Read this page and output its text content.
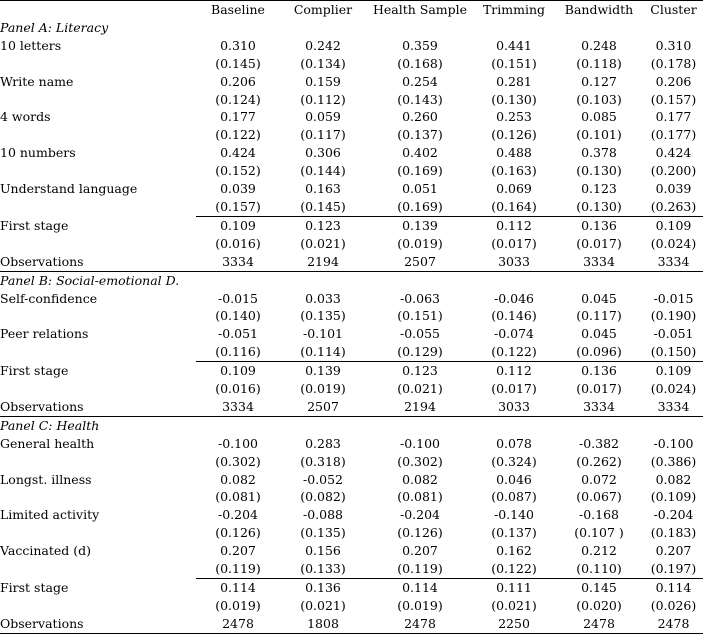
	Baseline	Complier	Health Sample	Trimming	Bandwidth	Cluster
Panel A: Literacy						
10 letters	0.310	0.242	0.359	0.441	0.248	0.310
	(0.145)	(0.134)	(0.168)	(0.151)	(0.118)	(0.178)
Write name	0.206	0.159	0.254	0.281	0.127	0.206
	(0.124)	(0.112)	(0.143)	(0.130)	(0.103)	(0.157)
4 words	0.177	0.059	0.260	0.253	0.085	0.177
	(0.122)	(0.117)	(0.137)	(0.126)	(0.101)	(0.177)
10 numbers	0.424	0.306	0.402	0.488	0.378	0.424
	(0.152)	(0.144)	(0.169)	(0.163)	(0.130)	(0.200)
Understand language	0.039	0.163	0.051	0.069	0.123	0.039
	(0.157)	(0.145)	(0.169)	(0.164)	(0.130)	(0.263)
First stage	0.109	0.123	0.139	0.112	0.136	0.109
	(0.016)	(0.021)	(0.019)	(0.017)	(0.017)	(0.024)
Observations	3334	2194	2507	3033	3334	3334
Panel B: Social-emotional D.						
Self-confidence	-0.015	0.033	-0.063	-0.046	0.045	-0.015
	(0.140)	(0.135)	(0.151)	(0.146)	(0.117)	(0.190)
Peer relations	-0.051	-0.101	-0.055	-0.074	0.045	-0.051
	(0.116)	(0.114)	(0.129)	(0.122)	(0.096)	(0.150)
First stage	0.109	0.139	0.123	0.112	0.136	0.109
	(0.016)	(0.019)	(0.021)	(0.017)	(0.017)	(0.024)
Observations	3334	2507	2194	3033	3334	3334
Panel C: Health						
General health	-0.100	0.283	-0.100	0.078	-0.382	-0.100
	(0.302)	(0.318)	(0.302)	(0.324)	(0.262)	(0.386)
Longst. illness	0.082	-0.052	0.082	0.046	0.072	0.082
	(0.081)	(0.082)	(0.081)	(0.087)	(0.067)	(0.109)
Limited activity	-0.204	-0.088	-0.204	-0.140	-0.168	-0.204
	(0.126)	(0.135)	(0.126)	(0.137)	(0.107 )	(0.183)
Vaccinated (d)	0.207	0.156	0.207	0.162	0.212	0.207
	(0.119)	(0.133)	(0.119)	(0.122)	(0.110)	(0.197)
First stage	0.114	0.136	0.114	0.111	0.145	0.114
	(0.019)	(0.021)	(0.019)	(0.021)	(0.020)	(0.026)
Observations	2478	1808	2478	2250	2478	2478
